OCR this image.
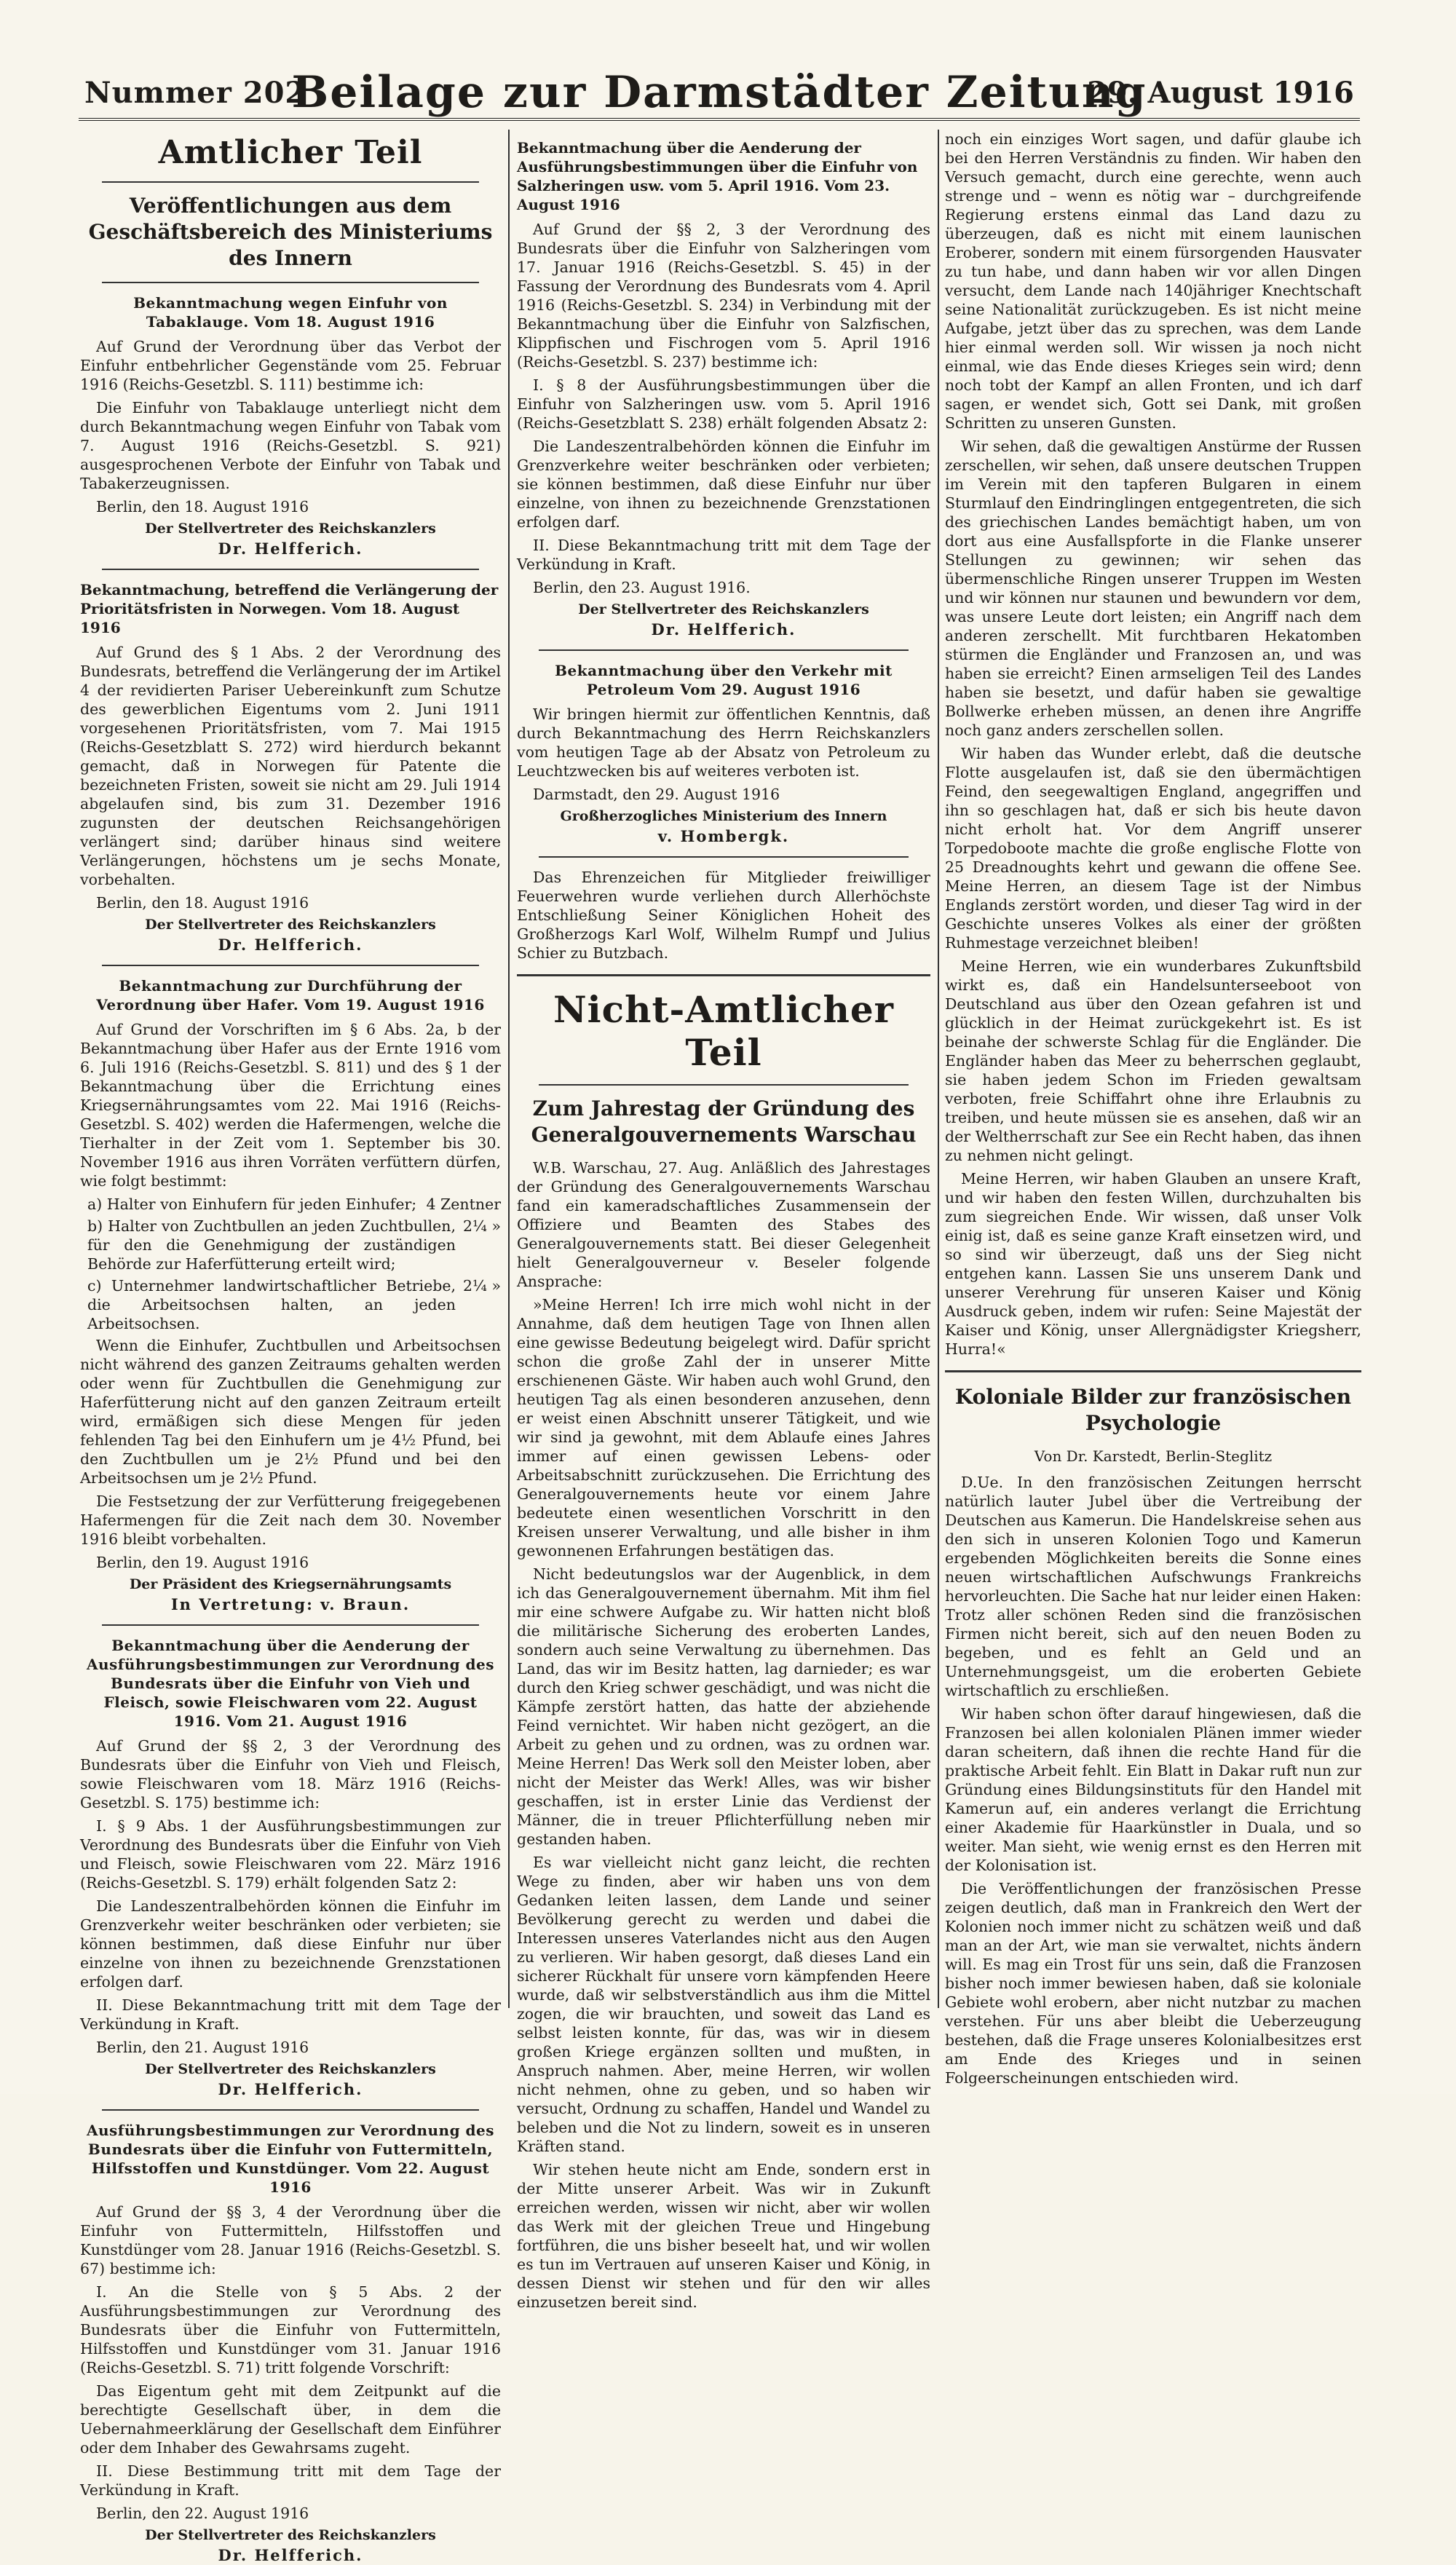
Nummer 202
Beilage zur Darmstädter Zeitung
29. August 1916
Amtlicher Teil
Veröffentlichungen aus dem Geschäftsbereich des Ministeriums des Innern
Bekanntmachung wegen Einfuhr von Tabaklauge. Vom 18. August 1916

Auf Grund der Verordnung über das Verbot der Einfuhr entbehrlicher Gegenstände vom 25. Februar 1916 (Reichs-Gesetzbl. S. 111) bestimme ich:

Die Einfuhr von Tabaklauge unterliegt nicht dem durch Bekanntmachung wegen Einfuhr von Tabak vom 7. August 1916 (Reichs-Gesetzbl. S. 921) ausgesprochenen Verbote der Einfuhr von Tabak und Tabakerzeugnissen.

Berlin, den 18. August 1916

Der Stellvertreter des Reichskanzlers
Dr. Helfferich.
Bekanntmachung, betreffend die Verlängerung der Prioritätsfristen in Norwegen. Vom 18. August 1916

Auf Grund des § 1 Abs. 2 der Verordnung des Bundesrats, betreffend die Verlängerung der im Artikel 4 der revidierten Pariser Uebereinkunft zum Schutze des gewerblichen Eigentums vom 2. Juni 1911 vorgesehenen Prioritätsfristen, vom 7. Mai 1915 (Reichs-Gesetzblatt S. 272) wird hierdurch bekannt gemacht, daß in Norwegen für Patente die bezeichneten Fristen, soweit sie nicht am 29. Juli 1914 abgelaufen sind, bis zum 31. Dezember 1916 zugunsten der deutschen Reichsangehörigen verlängert sind; darüber hinaus sind weitere Verlängerungen, höchstens um je sechs Monate, vorbehalten.

Berlin, den 18. August 1916

Der Stellvertreter des Reichskanzlers
Dr. Helfferich.
Bekanntmachung zur Durchführung der Verordnung über Hafer. Vom 19. August 1916

Auf Grund der Vorschriften im § 6 Abs. 2a, b der Bekanntmachung über Hafer aus der Ernte 1916 vom 6. Juli 1916 (Reichs-Gesetzbl. S. 811) und des § 1 der Bekanntmachung über die Errichtung eines Kriegsernährungsamtes vom 22. Mai 1916 (Reichs-Gesetzbl. S. 402) werden die Hafermengen, welche die Tierhalter in der Zeit vom 1. September bis 30. November 1916 aus ihren Vorräten verfüttern dürfen, wie folgt bestimmt:

a) Halter von Einhufern für jeden Einhufer; 4 Zentner
b) Halter von Zuchtbullen an jeden Zuchtbullen, für den die Genehmigung der zuständigen Behörde zur Haferfütterung erteilt wird;
2¼ »
c) Unternehmer landwirtschaftlicher Betriebe, die Arbeitsochsen halten, an jeden Arbeitsochsen.
2¼ »

Wenn die Einhufer, Zuchtbullen und Arbeitsochsen nicht während des ganzen Zeitraums gehalten werden oder wenn für Zuchtbullen die Genehmigung zur Haferfütterung nicht auf den ganzen Zeitraum erteilt wird, ermäßigen sich diese Mengen für jeden fehlenden Tag bei den Einhufern um je 4½ Pfund, bei den Zuchtbullen um je 2½ Pfund und bei den Arbeitsochsen um je 2½ Pfund.

Die Festsetzung der zur Verfütterung freigegebenen Hafermengen für die Zeit nach dem 30. November 1916 bleibt vorbehalten.

Berlin, den 19. August 1916

Der Präsident des Kriegsernährungsamts
In Vertretung: v. Braun.
Bekanntmachung über die Aenderung der Ausführungsbestimmungen zur Verordnung des Bundesrats über die Einfuhr von Vieh und Fleisch, sowie Fleischwaren vom 22. August 1916. Vom 21. August 1916

Auf Grund der §§ 2, 3 der Verordnung des Bundesrats über die Einfuhr von Vieh und Fleisch, sowie Fleischwaren vom 18. März 1916 (Reichs-Gesetzbl. S. 175) bestimme ich:

I. § 9 Abs. 1 der Ausführungsbestimmungen zur Verordnung des Bundesrats über die Einfuhr von Vieh und Fleisch, sowie Fleischwaren vom 22. März 1916 (Reichs-Gesetzbl. S. 179) erhält folgenden Satz 2:

Die Landeszentralbehörden können die Einfuhr im Grenzverkehr weiter beschränken oder verbieten; sie können bestimmen, daß diese Einfuhr nur über einzelne von ihnen zu bezeichnende Grenzstationen erfolgen darf.

II. Diese Bekanntmachung tritt mit dem Tage der Verkündung in Kraft.

Berlin, den 21. August 1916

Der Stellvertreter des Reichskanzlers
Dr. Helfferich.
Ausführungsbestimmungen zur Verordnung des Bundesrats über die Einfuhr von Futtermitteln, Hilfsstoffen und Kunstdünger. Vom 22. August 1916

Auf Grund der §§ 3, 4 der Verordnung über die Einfuhr von Futtermitteln, Hilfsstoffen und Kunstdünger vom 28. Januar 1916 (Reichs-Gesetzbl. S. 67) bestimme ich:

I. An die Stelle von § 5 Abs. 2 der Ausführungsbestimmungen zur Verordnung des Bundesrats über die Einfuhr von Futtermitteln, Hilfsstoffen und Kunstdünger vom 31. Januar 1916 (Reichs-Gesetzbl. S. 71) tritt folgende Vorschrift:

Das Eigentum geht mit dem Zeitpunkt auf die berechtigte Gesellschaft über, in dem die Uebernahmeerklärung der Gesellschaft dem Einführer oder dem Inhaber des Gewahrsams zugeht.

II. Diese Bestimmung tritt mit dem Tage der Verkündung in Kraft.

Berlin, den 22. August 1916

Der Stellvertreter des Reichskanzlers
Dr. Helfferich.
Bekanntmachung über die Aenderung der Ausführungsbestimmungen über die Einfuhr von Salzheringen usw. vom 5. April 1916. Vom 23. August 1916

Auf Grund der §§ 2, 3 der Verordnung des Bundesrats über die Einfuhr von Salzheringen vom 17. Januar 1916 (Reichs-Gesetzbl. S. 45) in der Fassung der Verordnung des Bundesrats vom 4. April 1916 (Reichs-Gesetzbl. S. 234) in Verbindung mit der Bekanntmachung über die Einfuhr von Salzfischen, Klippfischen und Fischrogen vom 5. April 1916 (Reichs-Gesetzbl. S. 237) bestimme ich:

I. § 8 der Ausführungsbestimmungen über die Einfuhr von Salzheringen usw. vom 5. April 1916 (Reichs-Gesetzblatt S. 238) erhält folgenden Absatz 2:

Die Landeszentralbehörden können die Einfuhr im Grenzverkehre weiter beschränken oder verbieten; sie können bestimmen, daß diese Einfuhr nur über einzelne, von ihnen zu bezeichnende Grenzstationen erfolgen darf.

II. Diese Bekanntmachung tritt mit dem Tage der Verkündung in Kraft.

Berlin, den 23. August 1916.

Der Stellvertreter des Reichskanzlers
Dr. Helfferich.
Bekanntmachung über den Verkehr mit Petroleum Vom 29. August 1916

Wir bringen hiermit zur öffentlichen Kenntnis, daß durch Bekanntmachung des Herrn Reichskanzlers vom heutigen Tage ab der Absatz von Petroleum zu Leuchtzwecken bis auf weiteres verboten ist.

Darmstadt, den 29. August 1916

Großherzogliches Ministerium des Innern
v. Hombergk.

Das Ehrenzeichen für Mitglieder freiwilliger Feuerwehren wurde verliehen durch Allerhöchste Entschließung Seiner Königlichen Hoheit des Großherzogs Karl Wolf, Wilhelm Rumpf und Julius Schier zu Butzbach.

Nicht-Amtlicher Teil
Zum Jahrestag der Gründung des Generalgouvernements Warschau

W.B. Warschau, 27. Aug. Anläßlich des Jahrestages der Gründung des Generalgouvernements Warschau fand ein kameradschaftliches Zusammensein der Offiziere und Beamten des Stabes des Generalgouvernements statt. Bei dieser Gelegenheit hielt Generalgouverneur v. Beseler folgende Ansprache:

»Meine Herren! Ich irre mich wohl nicht in der Annahme, daß dem heutigen Tage von Ihnen allen eine gewisse Bedeutung beigelegt wird. Dafür spricht schon die große Zahl der in unserer Mitte erschienenen Gäste. Wir haben auch wohl Grund, den heutigen Tag als einen besonderen anzusehen, denn er weist einen Abschnitt unserer Tätigkeit, und wie wir sind ja gewohnt, mit dem Ablaufe eines Jahres immer auf einen gewissen Lebens- oder Arbeitsabschnitt zurückzusehen. Die Errichtung des Generalgouvernements heute vor einem Jahre bedeutete einen wesentlichen Vorschritt in den Kreisen unserer Verwaltung, und alle bisher in ihm gewonnenen Erfahrungen bestätigen das.

Nicht bedeutungslos war der Augenblick, in dem ich das Generalgouvernement übernahm. Mit ihm fiel mir eine schwere Aufgabe zu. Wir hatten nicht bloß die militärische Sicherung des eroberten Landes, sondern auch seine Verwaltung zu übernehmen. Das Land, das wir im Besitz hatten, lag darnieder; es war durch den Krieg schwer geschädigt, und was nicht die Kämpfe zerstört hatten, das hatte der abziehende Feind vernichtet. Wir haben nicht gezögert, an die Arbeit zu gehen und zu ordnen, was zu ordnen war. Meine Herren! Das Werk soll den Meister loben, aber nicht der Meister das Werk! Alles, was wir bisher geschaffen, ist in erster Linie das Verdienst der Männer, die in treuer Pflichterfüllung neben mir gestanden haben.

Es war vielleicht nicht ganz leicht, die rechten Wege zu finden, aber wir haben uns von dem Gedanken leiten lassen, dem Lande und seiner Bevölkerung gerecht zu werden und dabei die Interessen unseres Vaterlandes nicht aus den Augen zu verlieren. Wir haben gesorgt, daß dieses Land ein sicherer Rückhalt für unsere vorn kämpfenden Heere wurde, daß wir selbstverständlich aus ihm die Mittel zogen, die wir brauchten, und soweit das Land es selbst leisten konnte, für das, was wir in diesem großen Kriege ergänzen sollten und mußten, in Anspruch nahmen. Aber, meine Herren, wir wollen nicht nehmen, ohne zu geben, und so haben wir versucht, Ordnung zu schaffen, Handel und Wandel zu beleben und die Not zu lindern, soweit es in unseren Kräften stand.

Wir stehen heute nicht am Ende, sondern erst in der Mitte unserer Arbeit. Was wir in Zukunft erreichen werden, wissen wir nicht, aber wir wollen das Werk mit der gleichen Treue und Hingebung fortführen, die uns bisher beseelt hat, und wir wollen es tun im Vertrauen auf unseren Kaiser und König, in dessen Dienst wir stehen und für den wir alles einzusetzen bereit sind.

noch ein einziges Wort sagen, und dafür glaube ich bei den Herren Verständnis zu finden. Wir haben den Versuch gemacht, durch eine gerechte, wenn auch strenge und – wenn es nötig war – durchgreifende Regierung erstens einmal das Land dazu zu überzeugen, daß es nicht mit einem launischen Eroberer, sondern mit einem fürsorgenden Hausvater zu tun habe, und dann haben wir vor allen Dingen versucht, dem Lande nach 140jähriger Knechtschaft seine Nationalität zurückzugeben. Es ist nicht meine Aufgabe, jetzt über das zu sprechen, was dem Lande hier einmal werden soll. Wir wissen ja noch nicht einmal, wie das Ende dieses Krieges sein wird; denn noch tobt der Kampf an allen Fronten, und ich darf sagen, er wendet sich, Gott sei Dank, mit großen Schritten zu unseren Gunsten.

Wir sehen, daß die gewaltigen Anstürme der Russen zerschellen, wir sehen, daß unsere deutschen Truppen im Verein mit den tapferen Bulgaren in einem Sturmlauf den Eindringlingen entgegentreten, die sich des griechischen Landes bemächtigt haben, um von dort aus eine Ausfallspforte in die Flanke unserer Stellungen zu gewinnen; wir sehen das übermenschliche Ringen unserer Truppen im Westen und wir können nur staunen und bewundern vor dem, was unsere Leute dort leisten; ein Angriff nach dem anderen zerschellt. Mit furchtbaren Hekatomben stürmen die Engländer und Franzosen an, und was haben sie erreicht? Einen armseligen Teil des Landes haben sie besetzt, und dafür haben sie gewaltige Bollwerke erheben müssen, an denen ihre Angriffe noch ganz anders zerschellen sollen.

Wir haben das Wunder erlebt, daß die deutsche Flotte ausgelaufen ist, daß sie den übermächtigen Feind, den seegewaltigen England, angegriffen und ihn so geschlagen hat, daß er sich bis heute davon nicht erholt hat. Vor dem Angriff unserer Torpedoboote machte die große englische Flotte von 25 Dreadnoughts kehrt und gewann die offene See. Meine Herren, an diesem Tage ist der Nimbus Englands zerstört worden, und dieser Tag wird in der Geschichte unseres Volkes als einer der größten Ruhmestage verzeichnet bleiben!

Meine Herren, wie ein wunderbares Zukunftsbild wirkt es, daß ein Handelsunterseeboot von Deutschland aus über den Ozean gefahren ist und glücklich in der Heimat zurückgekehrt ist. Es ist beinahe der schwerste Schlag für die Engländer. Die Engländer haben das Meer zu beherrschen geglaubt, sie haben jedem Schon im Frieden gewaltsam verboten, freie Schiffahrt ohne ihre Erlaubnis zu treiben, und heute müssen sie es ansehen, daß wir an der Weltherrschaft zur See ein Recht haben, das ihnen zu nehmen nicht gelingt.

Meine Herren, wir haben Glauben an unsere Kraft, und wir haben den festen Willen, durchzuhalten bis zum siegreichen Ende. Wir wissen, daß unser Volk einig ist, daß es seine ganze Kraft einsetzen wird, und so sind wir überzeugt, daß uns der Sieg nicht entgehen kann. Lassen Sie uns unserem Dank und unserer Verehrung für unseren Kaiser und König Ausdruck geben, indem wir rufen: Seine Majestät der Kaiser und König, unser Allergnädigster Kriegsherr, Hurra!«

Koloniale Bilder zur französischen Psychologie
Von Dr. Karstedt, Berlin-Steglitz

D.Ue. In den französischen Zeitungen herrscht natürlich lauter Jubel über die Vertreibung der Deutschen aus Kamerun. Die Handelskreise sehen aus den sich in unseren Kolonien Togo und Kamerun ergebenden Möglichkeiten bereits die Sonne eines neuen wirtschaftlichen Aufschwungs Frankreichs hervorleuchten. Die Sache hat nur leider einen Haken: Trotz aller schönen Reden sind die französischen Firmen nicht bereit, sich auf den neuen Boden zu begeben, und es fehlt an Geld und an Unternehmungsgeist, um die eroberten Gebiete wirtschaftlich zu erschließen.

Wir haben schon öfter darauf hingewiesen, daß die Franzosen bei allen kolonialen Plänen immer wieder daran scheitern, daß ihnen die rechte Hand für die praktische Arbeit fehlt. Ein Blatt in Dakar ruft nun zur Gründung eines Bildungsinstituts für den Handel mit Kamerun auf, ein anderes verlangt die Errichtung einer Akademie für Haarkünstler in Duala, und so weiter. Man sieht, wie wenig ernst es den Herren mit der Kolonisation ist.

Die Veröffentlichungen der französischen Presse zeigen deutlich, daß man in Frankreich den Wert der Kolonien noch immer nicht zu schätzen weiß und daß man an der Art, wie man sie verwaltet, nichts ändern will. Es mag ein Trost für uns sein, daß die Franzosen bisher noch immer bewiesen haben, daß sie koloniale Gebiete wohl erobern, aber nicht nutzbar zu machen verstehen. Für uns aber bleibt die Ueberzeugung bestehen, daß die Frage unseres Kolonialbesitzes erst am Ende des Krieges und in seinen Folgeerscheinungen entschieden wird.
